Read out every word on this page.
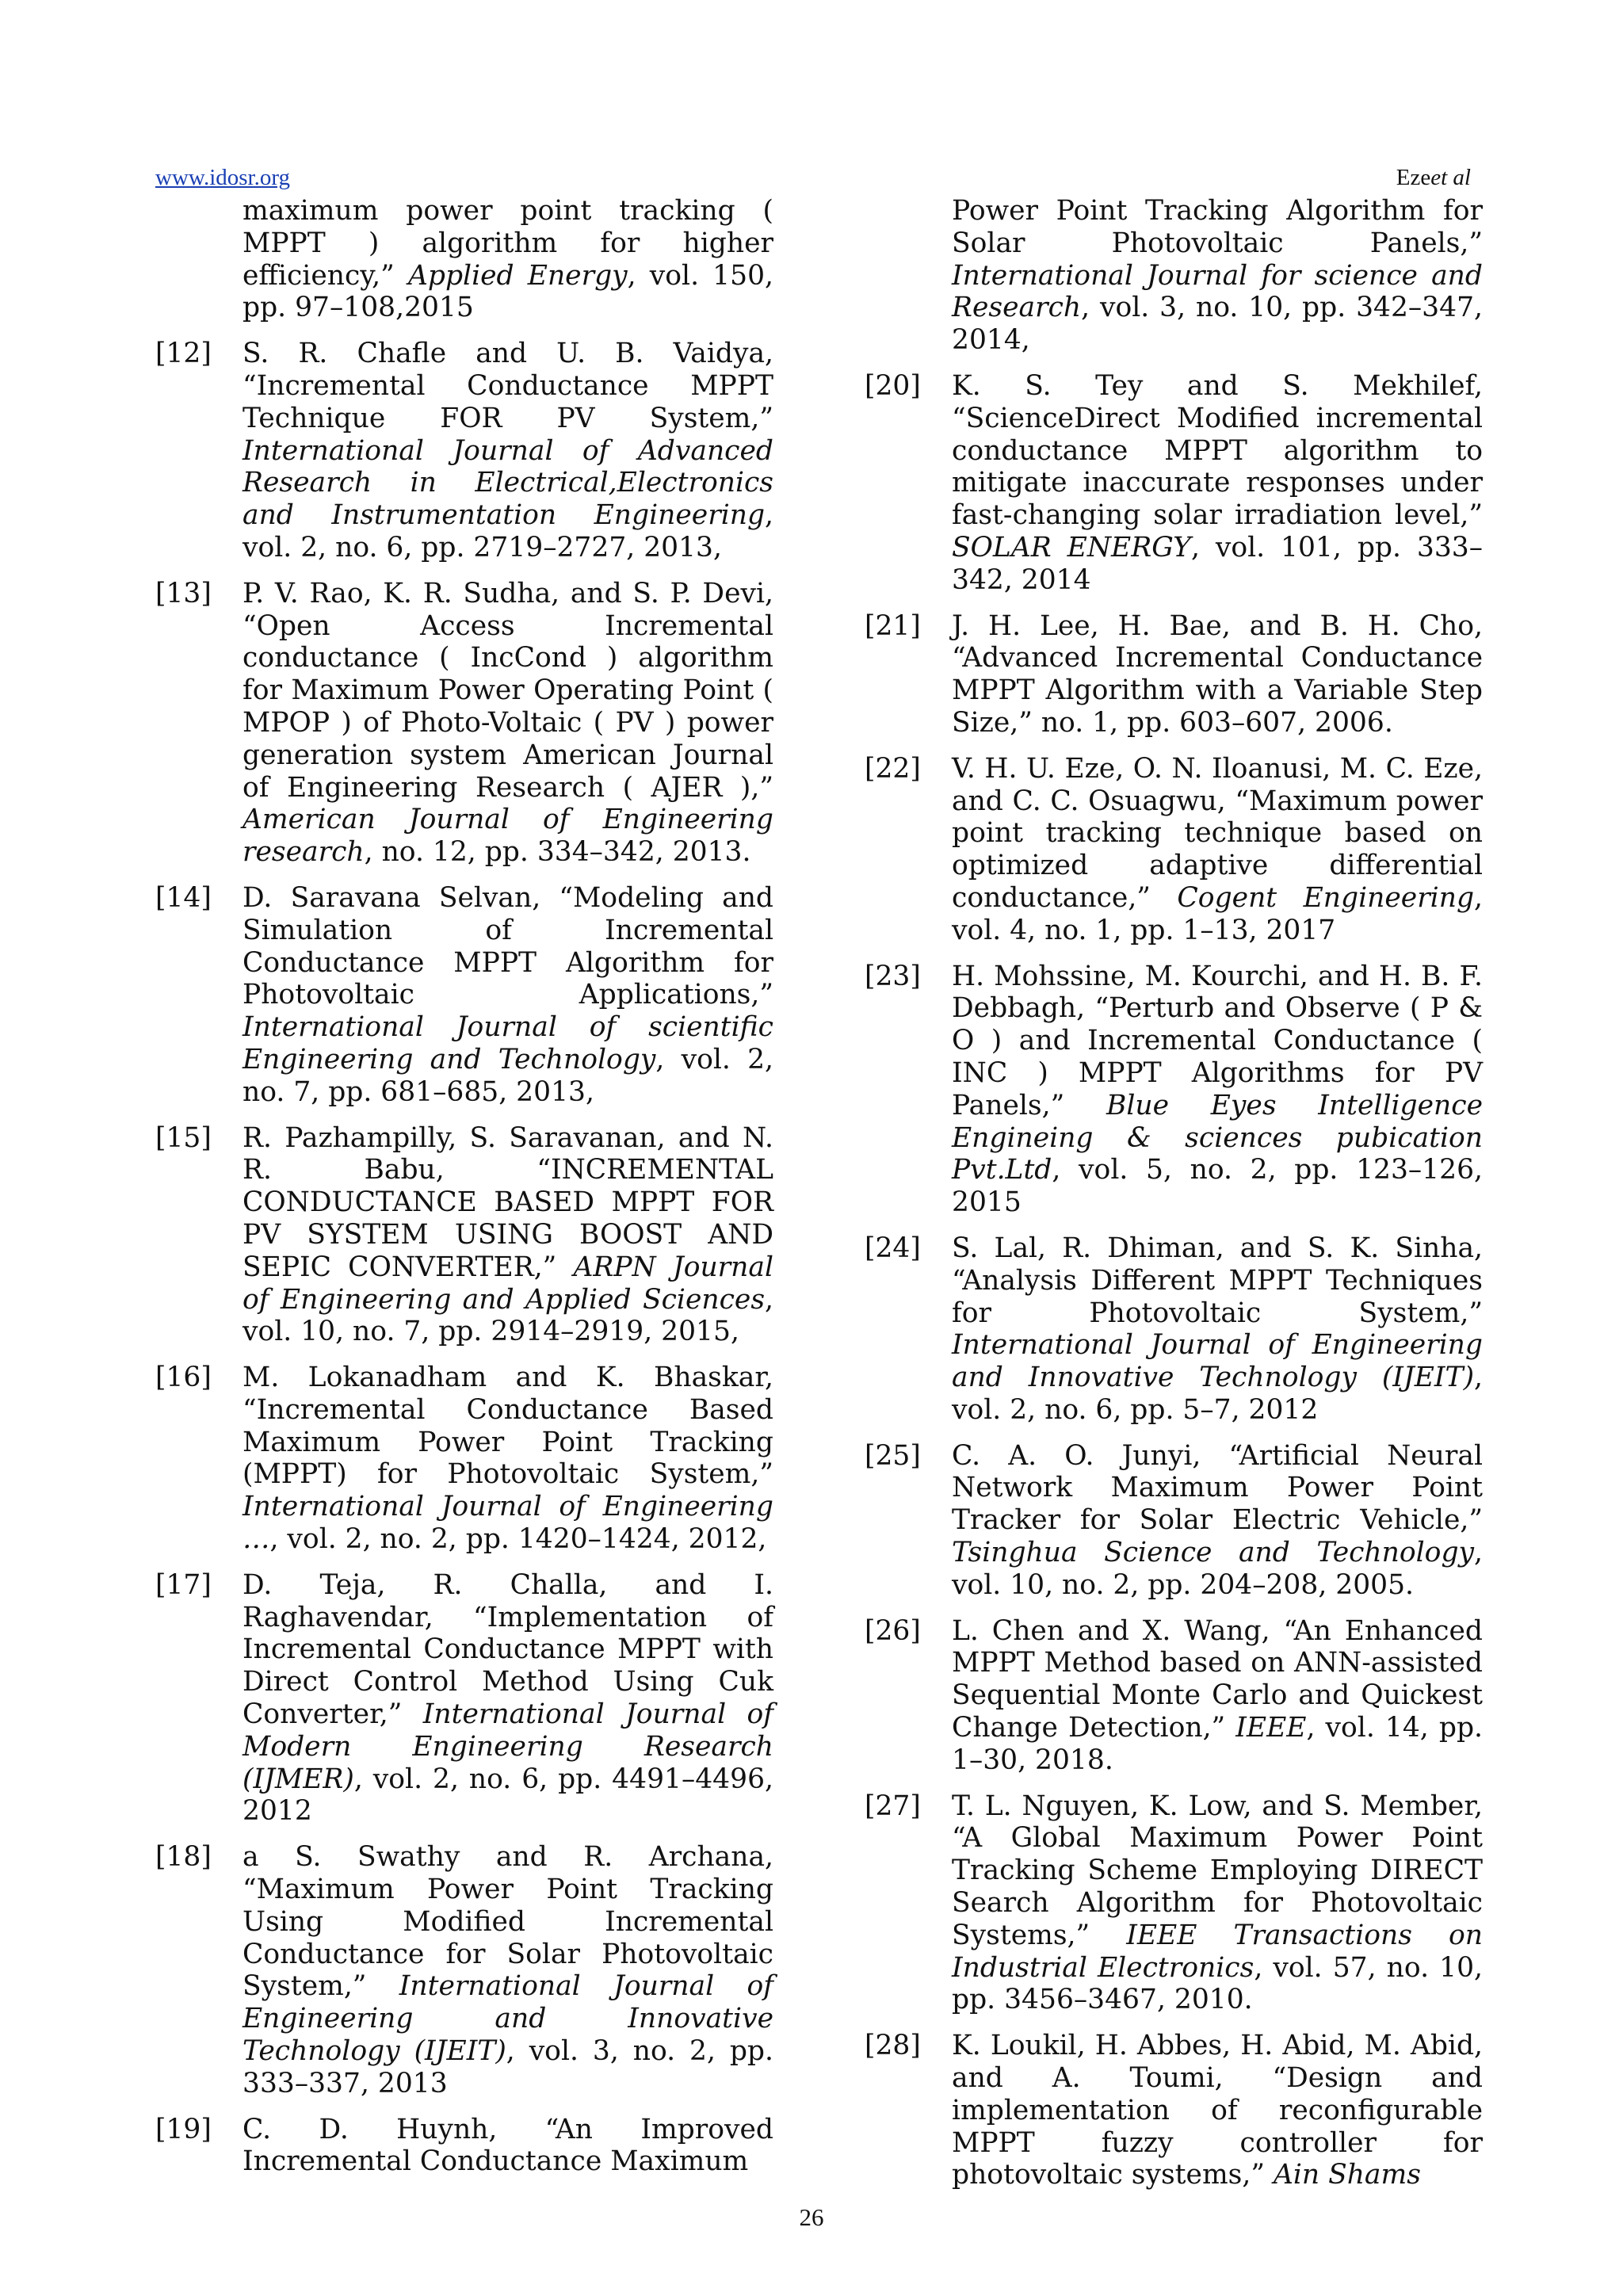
www.idosr.org	Ezeet al
maximum power point tracking ( MPPT ) algorithm for higher efficiency,” Applied Energy, vol. 150, pp. 97–108,2015
[12]	S. R. Chafle and U. B. Vaidya, “Incremental Conductance MPPT Technique FOR PV System,” International Journal of Advanced Research in Electrical,Electronics and Instrumentation Engineering, vol. 2, no. 6, pp. 2719–2727, 2013,
[13]	P. V. Rao, K. R. Sudha, and S. P. Devi, “Open Access Incremental conductance ( IncCond ) algorithm for Maximum Power Operating Point ( MPOP ) of Photo-Voltaic ( PV ) power generation system American Journal of Engineering Research ( AJER ),” American Journal of Engineering research, no. 12, pp. 334–342, 2013.
[14]	D. Saravana Selvan, “Modeling and Simulation of Incremental Conductance MPPT Algorithm for Photovoltaic Applications,” International Journal of scientific Engineering and Technology, vol. 2, no. 7, pp. 681–685, 2013,
[15]	R. Pazhampilly, S. Saravanan, and N. R. Babu, “INCREMENTAL CONDUCTANCE BASED MPPT FOR PV SYSTEM USING BOOST AND SEPIC CONVERTER,” ARPN Journal of Engineering and Applied Sciences, vol. 10, no. 7, pp. 2914–2919, 2015,
[16]	M. Lokanadham and K. Bhaskar, “Incremental Conductance Based Maximum Power Point Tracking (MPPT) for Photovoltaic System,” International Journal of Engineering …, vol. 2, no. 2, pp. 1420–1424, 2012,
[17]	D. Teja, R. Challa, and I. Raghavendar, “Implementation of Incremental Conductance MPPT with Direct Control Method Using Cuk Converter,” International Journal of Modern Engineering Research (IJMER), vol. 2, no. 6, pp. 4491–4496, 2012
[18]	a S. Swathy and R. Archana, “Maximum Power Point Tracking Using Modified Incremental Conductance for Solar Photovoltaic System,” International Journal of Engineering and Innovative Technology (IJEIT), vol. 3, no. 2, pp. 333–337, 2013
[19]	C. D. Huynh, “An Improved Incremental Conductance Maximum
Power Point Tracking Algorithm for Solar Photovoltaic Panels,” International Journal for science and Research, vol. 3, no. 10, pp. 342–347, 2014,
[20]	K. S. Tey and S. Mekhilef, “ScienceDirect Modified incremental conductance MPPT algorithm to mitigate inaccurate responses under fast-changing solar irradiation level,” SOLAR ENERGY, vol. 101, pp. 333–342, 2014
[21]	J. H. Lee, H. Bae, and B. H. Cho, “Advanced Incremental Conductance MPPT Algorithm with a Variable Step Size,” no. 1, pp. 603–607, 2006.
[22]	V. H. U. Eze, O. N. Iloanusi, M. C. Eze, and C. C. Osuagwu, “Maximum power point tracking technique based on optimized adaptive differential conductance,” Cogent Engineering, vol. 4, no. 1, pp. 1–13, 2017
[23]	H. Mohssine, M. Kourchi, and H. B. F. Debbagh, “Perturb and Observe ( P & O ) and Incremental Conductance ( INC ) MPPT Algorithms for PV Panels,” Blue Eyes Intelligence Engineing & sciences pubication Pvt.Ltd, vol. 5, no. 2, pp. 123–126, 2015
[24]	S. Lal, R. Dhiman, and S. K. Sinha, “Analysis Different MPPT Techniques for Photovoltaic System,” International Journal of Engineering and Innovative Technology (IJEIT), vol. 2, no. 6, pp. 5–7, 2012
[25]	C. A. O. Junyi, “Artificial Neural Network Maximum Power Point Tracker for Solar Electric Vehicle,” Tsinghua Science and Technology, vol. 10, no. 2, pp. 204–208, 2005.
[26]	L. Chen and X. Wang, “An Enhanced MPPT Method based on ANN-assisted Sequential Monte Carlo and Quickest Change Detection,” IEEE, vol. 14, pp. 1–30, 2018.
[27]	T. L. Nguyen, K. Low, and S. Member, “A Global Maximum Power Point Tracking Scheme Employing DIRECT Search Algorithm for Photovoltaic Systems,” IEEE Transactions on Industrial Electronics, vol. 57, no. 10, pp. 3456–3467, 2010.
[28]	K. Loukil, H. Abbes, H. Abid, M. Abid, and A. Toumi, “Design and implementation of reconfigurable MPPT fuzzy controller for photovoltaic systems,” Ain Shams
26
